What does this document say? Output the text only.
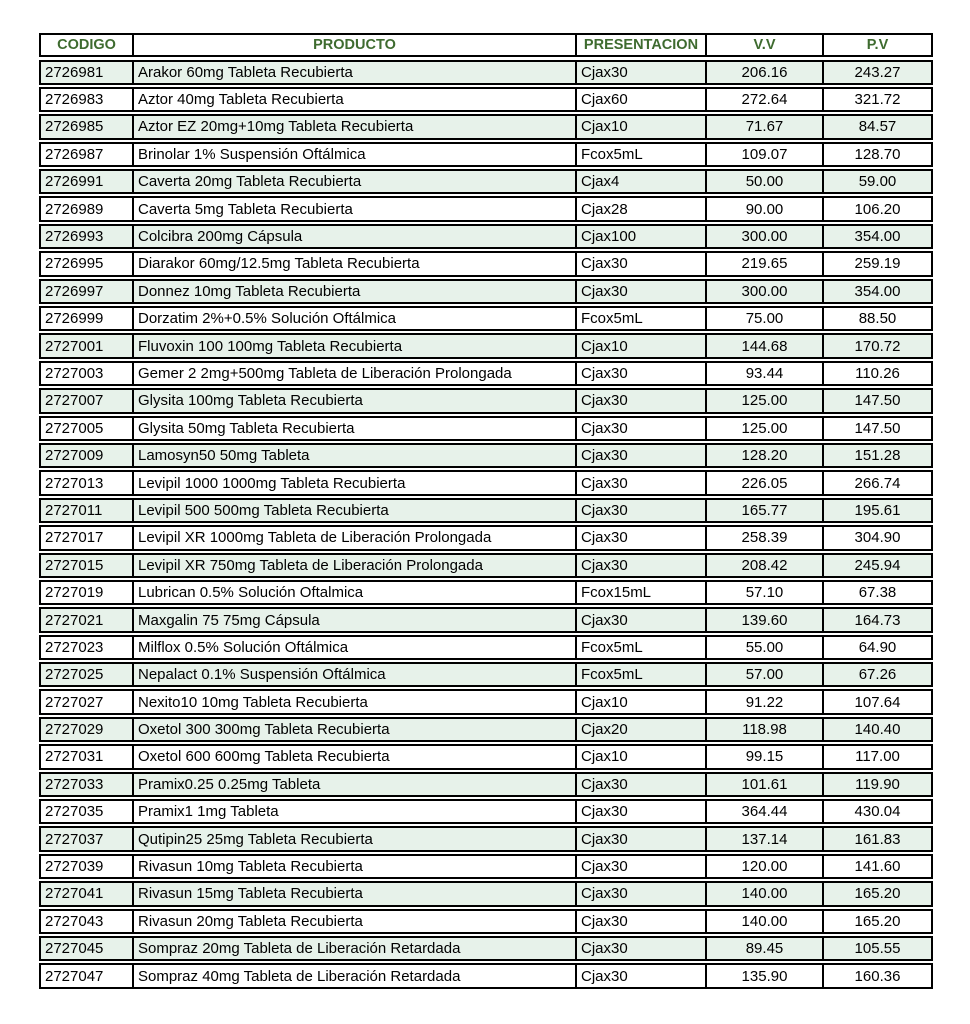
CODIGO	PRODUCTO	PRESENTACION	V.V	P.V
2726981	Arakor 60mg Tableta Recubierta	Cjax30	206.16	243.27
2726983	Aztor 40mg Tableta Recubierta	Cjax60	272.64	321.72
2726985	Aztor EZ 20mg+10mg Tableta Recubierta	Cjax10	71.67	84.57
2726987	Brinolar 1% Suspensión Oftálmica	Fcox5mL	109.07	128.70
2726991	Caverta 20mg Tableta Recubierta	Cjax4	50.00	59.00
2726989	Caverta 5mg Tableta Recubierta	Cjax28	90.00	106.20
2726993	Colcibra 200mg Cápsula	Cjax100	300.00	354.00
2726995	Diarakor 60mg/12.5mg Tableta Recubierta	Cjax30	219.65	259.19
2726997	Donnez 10mg Tableta Recubierta	Cjax30	300.00	354.00
2726999	Dorzatim 2%+0.5% Solución Oftálmica	Fcox5mL	75.00	88.50
2727001	Fluvoxin 100 100mg Tableta Recubierta	Cjax10	144.68	170.72
2727003	Gemer 2 2mg+500mg Tableta de Liberación Prolongada	Cjax30	93.44	110.26
2727007	Glysita 100mg Tableta Recubierta	Cjax30	125.00	147.50
2727005	Glysita 50mg Tableta Recubierta	Cjax30	125.00	147.50
2727009	Lamosyn50 50mg Tableta	Cjax30	128.20	151.28
2727013	Levipil 1000 1000mg Tableta Recubierta	Cjax30	226.05	266.74
2727011	Levipil 500 500mg Tableta Recubierta	Cjax30	165.77	195.61
2727017	Levipil XR 1000mg Tableta de Liberación Prolongada	Cjax30	258.39	304.90
2727015	Levipil XR 750mg Tableta de Liberación Prolongada	Cjax30	208.42	245.94
2727019	Lubrican 0.5% Solución Oftalmica	Fcox15mL	57.10	67.38
2727021	Maxgalin 75 75mg Cápsula	Cjax30	139.60	164.73
2727023	Milflox 0.5% Solución Oftálmica	Fcox5mL	55.00	64.90
2727025	Nepalact 0.1% Suspensión Oftálmica	Fcox5mL	57.00	67.26
2727027	Nexito10 10mg Tableta Recubierta	Cjax10	91.22	107.64
2727029	Oxetol 300 300mg Tableta Recubierta	Cjax20	118.98	140.40
2727031	Oxetol 600 600mg Tableta Recubierta	Cjax10	99.15	117.00
2727033	Pramix0.25 0.25mg Tableta	Cjax30	101.61	119.90
2727035	Pramix1 1mg Tableta	Cjax30	364.44	430.04
2727037	Qutipin25 25mg Tableta Recubierta	Cjax30	137.14	161.83
2727039	Rivasun 10mg Tableta Recubierta	Cjax30	120.00	141.60
2727041	Rivasun 15mg Tableta Recubierta	Cjax30	140.00	165.20
2727043	Rivasun 20mg Tableta Recubierta	Cjax30	140.00	165.20
2727045	Sompraz 20mg Tableta de Liberación Retardada	Cjax30	89.45	105.55
2727047	Sompraz 40mg Tableta de Liberación Retardada	Cjax30	135.90	160.36
